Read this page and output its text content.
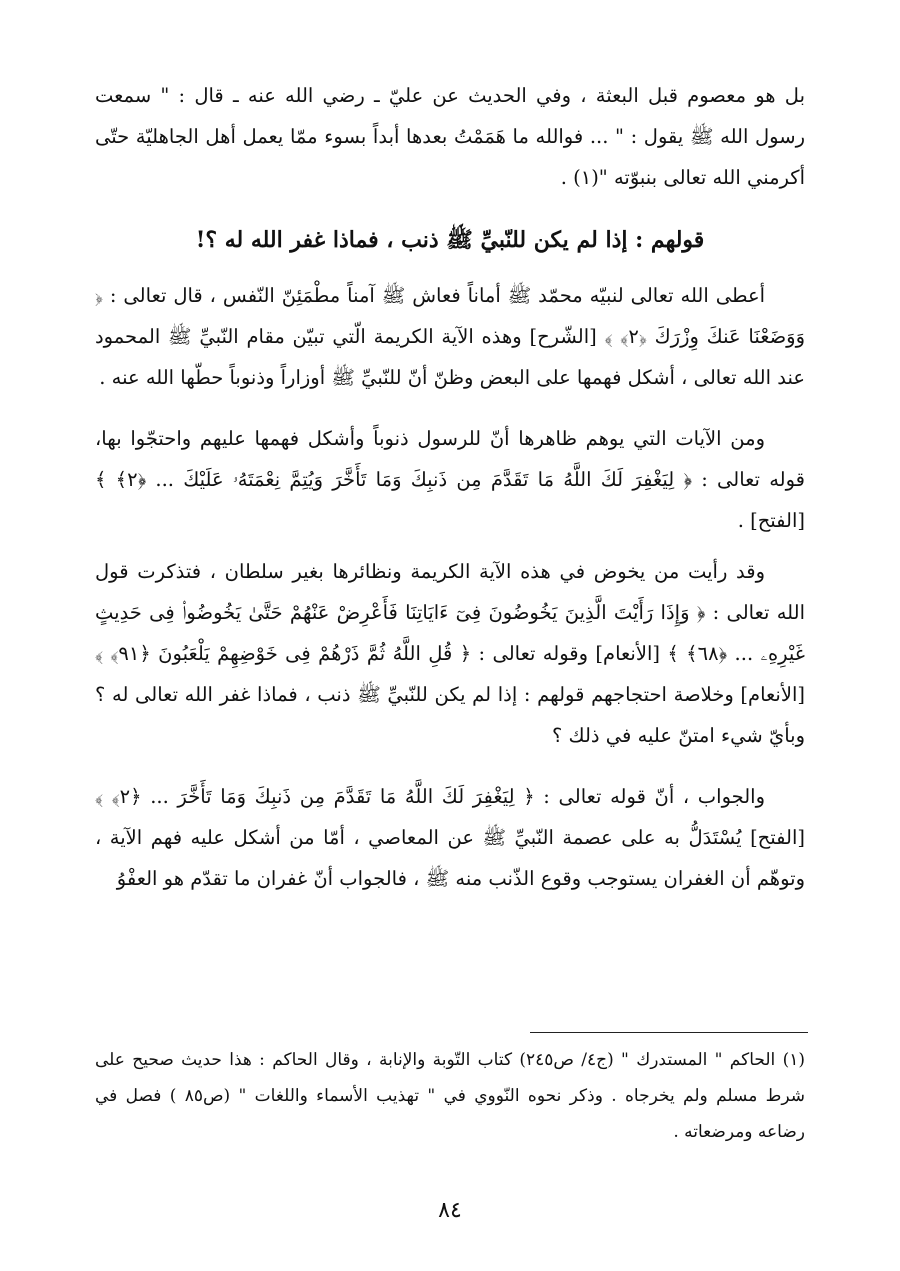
بل هو معصوم قبل البعثة ، وفي الحديث عن عليّ ـ رضي الله عنه ـ قال : " سمعت رسول الله ﷺ يقول : " ... فوالله ما هَمَمْتُ بعدها أبداً بسوء ممّا يعمل أهل الجاهليّة حتّى أكرمني الله تعالى بنبوّته "(١) .

قولهم : إذا لم يكن للنّبيِّ ﷺ ذنب ، فماذا غفر الله له ؟!

أعطى الله تعالى لنبيّه محمّد ﷺ أماناً فعاش ﷺ آمناً مطْمَئِنّ النّفس ، قال تعالى : ﴿ وَوَضَعْنَا عَنكَ وِزْرَكَ ﴿٢﴾ ﴾ [الشّرح] وهذه الآية الكريمة الّتي تبيّن مقام النّبيِّ ﷺ المحمود عند الله تعالى ، أشكل فهمها على البعض وظنّ أنّ للنّبيِّ ﷺ أوزاراً وذنوباً حطّها الله عنه .

ومن الآيات التي يوهم ظاهرها أنّ للرسول ذنوباً وأشكل فهمها عليهم واحتجّوا بها، قوله تعالى : ﴿ لِيَغْفِرَ لَكَ اللَّهُ مَا تَقَدَّمَ مِن ذَنبِكَ وَمَا تَأَخَّرَ وَيُتِمَّ نِعْمَتَهُۥ عَلَيْكَ ... ﴿٢﴾ ﴾ [الفتح] .

وقد رأيت من يخوض في هذه الآية الكريمة ونظائرها بغير سلطان ، فتذكرت قول الله تعالى : ﴿ وَإِذَا رَأَيْتَ الَّذِينَ يَخُوضُونَ فِىٓ ءَايَاتِنَا فَأَعْرِضْ عَنْهُمْ حَتَّىٰ يَخُوضُوا۟ فِى حَدِيثٍ غَيْرِهِۦ ... ﴿٦٨﴾ ﴾ [الأنعام] وقوله تعالى : ﴿ قُلِ اللَّهُ ثُمَّ ذَرْهُمْ فِى خَوْضِهِمْ يَلْعَبُونَ ﴿٩١﴾ ﴾ [الأنعام] وخلاصة احتجاجهم قولهم : إذا لم يكن للنّبيِّ ﷺ ذنب ، فماذا غفر الله تعالى له ؟ وبأيّ شيء امتنّ عليه في ذلك ؟

والجواب ، أنّ قوله تعالى : ﴿ لِيَغْفِرَ لَكَ اللَّهُ مَا تَقَدَّمَ مِن ذَنبِكَ وَمَا تَأَخَّرَ ... ﴿٢﴾ ﴾ [الفتح] يُسْتَدَلُّ به على عصمة النّبيِّ ﷺ عن المعاصي ، أمّا من أشكل عليه فهم الآية ، وتوهّم أن الغفران يستوجب وقوع الذّنب منه ﷺ ، فالجواب أنّ غفران ما تقدّم هو العفْوُ

(١) الحاكم " المستدرك " (ج٤/ ص٢٤٥) كتاب التّوبة والإنابة ، وقال الحاكم : هذا حديث صحيح على شرط مسلم ولم يخرجاه . وذكر نحوه النّووي في " تهذيب الأسماء واللغات " (ص٨٥ ) فصل في رضاعه ومرضعاته .

٨٤
